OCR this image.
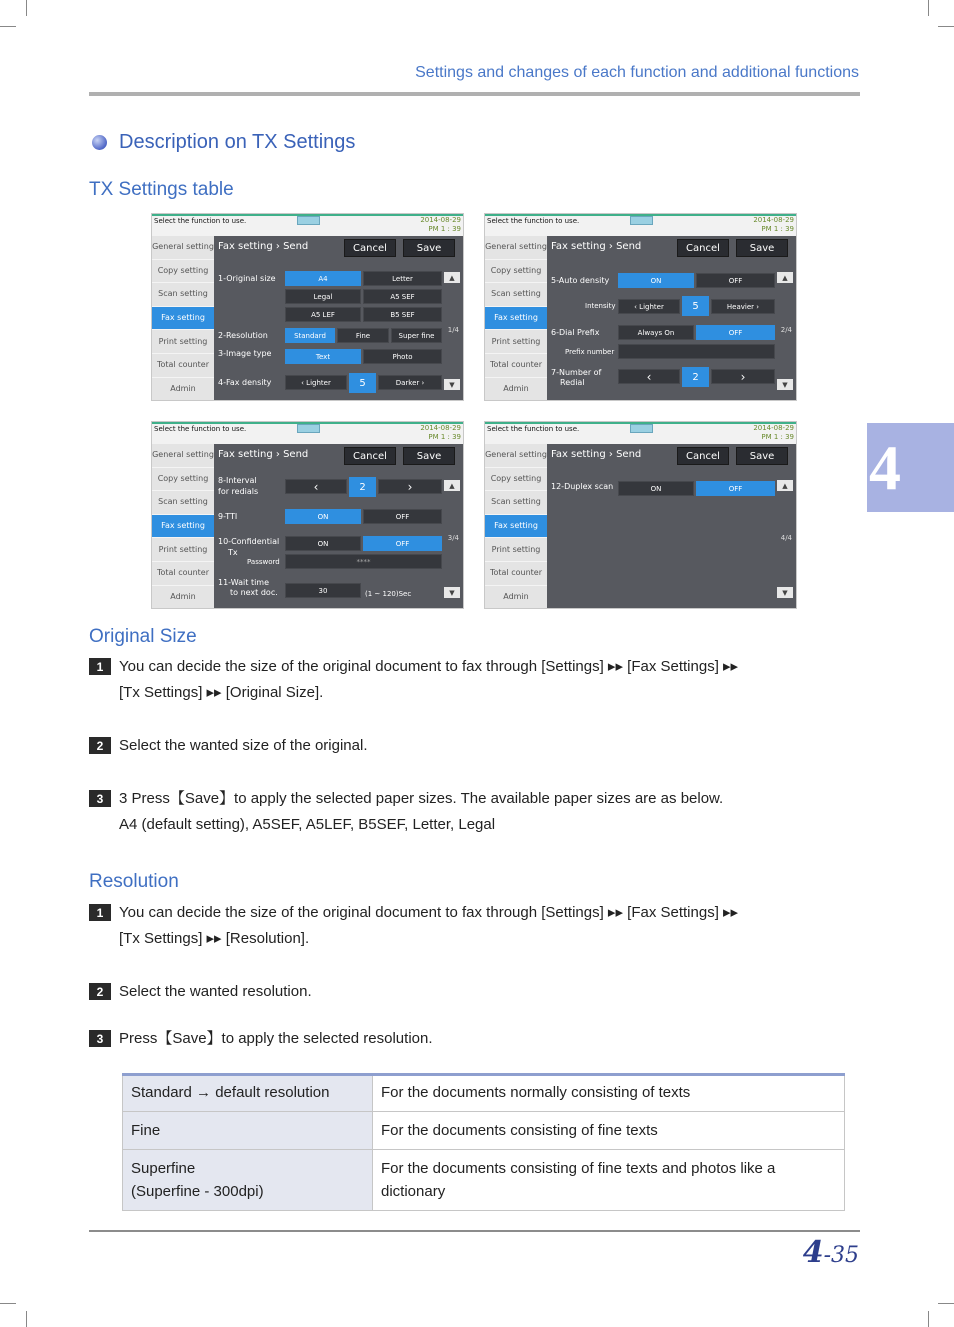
Settings and changes of each function and additional functions
4
Description on TX Settings
TX Settings table
Select the function to use.	2014-08-29
PM 1 : 39
General setting
Copy setting
Scan setting
Fax setting
Print setting
Total counter
Admin
Fax setting › Send	Cancel	Save
1-Original size	A4	Letter
Legal	A5 SEF
A5 LEF	B5 SEF
2-Resolution	Standard	Fine	Super fine
3-Image type	Text	Photo
4-Fax density	‹ Lighter	5	Darker ›
1/4
▲
▼
Select the function to use.	2014-08-29
PM 1 : 39
General setting
Copy setting
Scan setting
Fax setting
Print setting
Total counter
Admin
Fax setting › Send	Cancel	Save
5-Auto density	ON	OFF
Intensity	‹ Lighter	5	Heavier ›
6-Dial Prefix	Always On	OFF
Prefix number
7-Number of
Redial	‹	2	›
2/4
▲
▼
Select the function to use.	2014-08-29
PM 1 : 39
General setting
Copy setting
Scan setting
Fax setting
Print setting
Total counter
Admin
Fax setting › Send	Cancel	Save
8-Interval
for redials	‹	2	›
9-TTI	ON	OFF
10-Confidential
Tx
ON	OFF
Password	****
11-Wait time
to next doc.	30	(1 ~ 120)Sec
3/4
▲
▼
Select the function to use.	2014-08-29
PM 1 : 39
General setting
Copy setting
Scan setting
Fax setting
Print setting
Total counter
Admin
Fax setting › Send	Cancel	Save
12-Duplex scan	ON	OFF
4/4
▲
▼
Original Size
1	You can decide the size of the original document to fax through [Settings] ▸▸ [Fax Settings] ▸▸
[Tx Settings] ▸▸ [Original Size].
2	Select the wanted size of the original.
3	3 Press【Save】to apply the selected paper sizes. The available paper sizes are as below.
A4 (default setting), A5SEF, A5LEF, B5SEF, Letter, Legal
Resolution
1	You can decide the size of the original document to fax through [Settings] ▸▸ [Fax Settings] ▸▸
[Tx Settings] ▸▸ [Resolution].
2	Select the wanted resolution.
3	Press【Save】to apply the selected resolution.
Standard → default resolution	For the documents normally consisting of texts
Fine	For the documents consisting of fine texts

Superfine
(Superfine - 300dpi)	For the documents consisting of fine texts and photos like a dictionary
4-35
